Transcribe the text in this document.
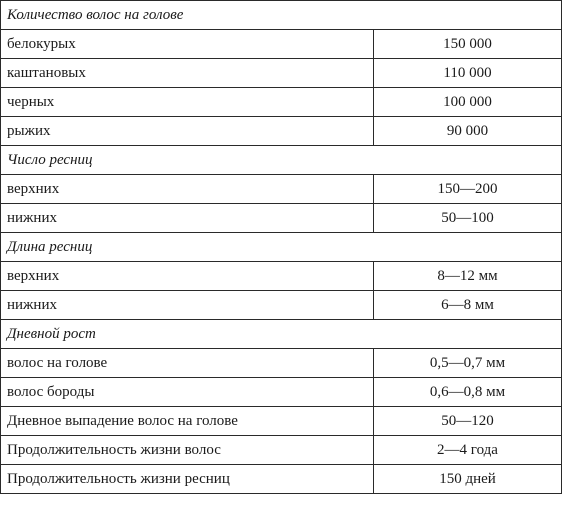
Количество волос на голове	
белокурых	150 000
каштановых	110 000
черных	100 000
рыжих	90 000
Число ресниц	
верхних	150—200
нижних	50—100
Длина ресниц	
верхних	8—12 мм
нижних	6—8 мм
Дневной рост	
волос на голове	0,5—0,7 мм
волос бороды	0,6—0,8 мм
Дневное выпадение волос на голове	50—120
Продолжительность жизни волос	2—4 года
Продолжительность жизни ресниц	150 дней
